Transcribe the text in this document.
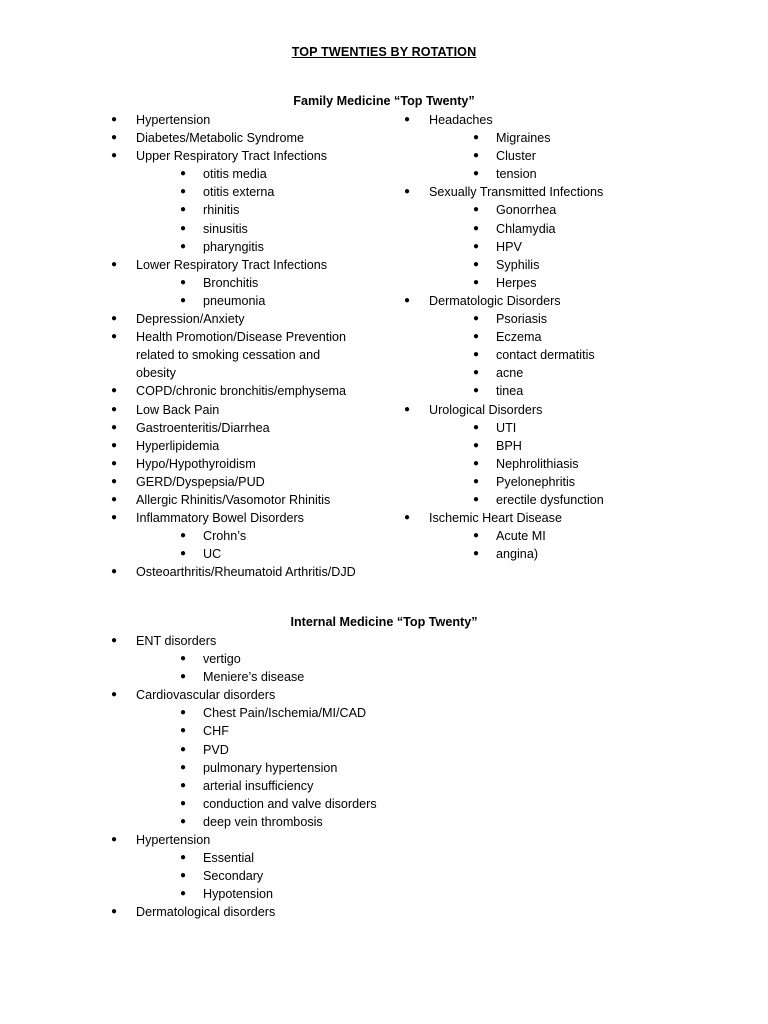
TOP TWENTIES BY ROTATION
Family Medicine “Top Twenty”
● Hypertension
● Diabetes/Metabolic Syndrome
● Upper Respiratory Tract Infections
● otitis media
● otitis externa
● rhinitis
● sinusitis
● pharyngitis
● Lower Respiratory Tract Infections
● Bronchitis
● pneumonia
● Depression/Anxiety
● Health Promotion/Disease Prevention related to smoking cessation and obesity
● COPD/chronic bronchitis/emphysema
● Low Back Pain
● Gastroenteritis/Diarrhea
● Hyperlipidemia
● Hypo/Hypothyroidism
● GERD/Dyspepsia/PUD
● Allergic Rhinitis/Vasomotor Rhinitis
● Inflammatory Bowel Disorders
● Crohn’s
● UC
● Osteoarthritis/Rheumatoid Arthritis/DJD
● Headaches
● Migraines
● Cluster
● tension
● Sexually Transmitted Infections
● Gonorrhea
● Chlamydia
● HPV
● Syphilis
● Herpes
● Dermatologic Disorders
● Psoriasis
● Eczema
● contact dermatitis
● acne
● tinea
● Urological Disorders
● UTI
● BPH
● Nephrolithiasis
● Pyelonephritis
● erectile dysfunction
● Ischemic Heart Disease
● Acute MI
● angina)
Internal Medicine “Top Twenty”
● ENT disorders
● vertigo
● Meniere’s disease
● Cardiovascular disorders
● Chest Pain/Ischemia/MI/CAD
● CHF
● PVD
● pulmonary hypertension
● arterial insufficiency
● conduction and valve disorders
● deep vein thrombosis
● Hypertension
● Essential
● Secondary
● Hypotension
● Dermatological disorders
